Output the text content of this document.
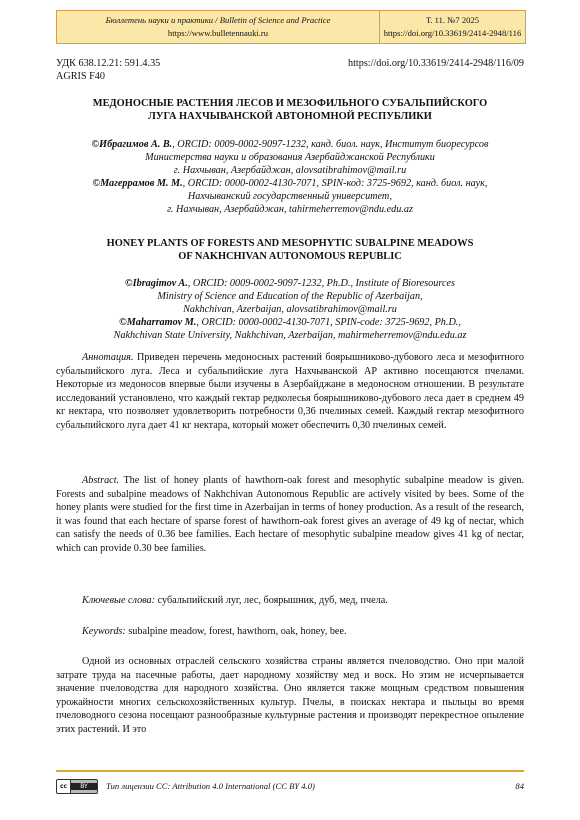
Бюллетень науки и практики / Bulletin of Science and Practice
https://www.bulletennauki.ru
Т. 11. №7 2025
https://doi.org/10.33619/2414-2948/116
УДК 638.12.21: 591.4.35
AGRIS F40
https://doi.org/10.33619/2414-2948/116/09
МЕДОНОСНЫЕ РАСТЕНИЯ ЛЕСОВ И МЕЗОФИЛЬНОГО СУБАЛЬПИЙСКОГО
ЛУГА НАХЧЫВАНСКОЙ АВТОНОМНОЙ РЕСПУБЛИКИ
©Ибрагимов А. В., ORCID: 0009-0002-9097-1232, канд. биол. наук, Институт биоресурсов
Министерства науки и образования Азербайджанской Республики
г. Нахчыван, Азербайджан, alovsatibrahimov@mail.ru
©Магеррамов М. М., ORCID: 0000-0002-4130-7071, SPIN-код: 3725-9692, канд. биол. наук,
Нахчыванский государственный университет,
г. Нахчыван, Азербайджан, tahirmeherremov@ndu.edu.az
HONEY PLANTS OF FORESTS AND MESOPHYTIC SUBALPINE MEADOWS
OF NAKHCHIVAN AUTONOMOUS REPUBLIC
©Ibragimov A., ORCID: 0009-0002-9097-1232, Ph.D., Institute of Bioresources
Ministry of Science and Education of the Republic of Azerbaijan,
Nakhchivan, Azerbaijan, alovsatibrahimov@mail.ru
©Maharramov M., ORCID: 0000-0002-4130-7071, SPIN-code: 3725-9692, Ph.D.,
Nakhchivan State University, Nakhchivan, Azerbaijan, mahirmeherremov@ndu.edu.az
Аннотация. Приведен перечень медоносных растений боярышниково-дубового леса и мезофитного субальпийского луга. Леса и субальпийские луга Нахчыванской АР активно посещаются пчелами. Некоторые из медоносов впервые были изучены в Азербайджане в медоносном отношении. В результате исследований установлено, что каждый гектар редколесья боярышниково-дубового леса дает в среднем 49 кг нектара, что позволяет удовлетворить потребности 0,36 пчелиных семей. Каждый гектар мезофитного субальпийского луга дает 41 кг нектара, который может обеспечить 0,30 пчелиных семей.
Abstract. The list of honey plants of hawthorn-oak forest and mesophytic subalpine meadow is given. Forests and subalpine meadows of Nakhchivan Autonomous Republic are actively visited by bees. Some of the honey plants were studied for the first time in Azerbaijan in terms of honey production. As a result of the research, it was found that each hectare of sparse forest of hawthorn-oak forest gives an average of 49 kg of nectar, which can satisfy the needs of 0.36 bee families. Each hectare of mesophytic subalpine meadow gives 41 kg of nectar, which can provide 0.30 bee families.
Ключевые слова: субальпийский луг, лес, боярышник, дуб, мед, пчела.
Keywords: subalpine meadow, forest, hawthorn, oak, honey, bee.
Одной из основных отраслей сельского хозяйства страны является пчеловодство. Оно при малой затрате труда на пасечные работы, дает народному хозяйству мед и воск. Но этим не исчерпывается значение пчеловодства для народного хозяйства. Оно является также мощным средством повышения урожайности многих сельскохозяйственных культур. Пчелы, в поисках нектара и пыльцы во время пчеловодного сезона посещают разнообразные культурные растения и производят перекрестное опыление этих растений. И это
cc	BY	Тип лицензии CC: Attribution 4.0 International (CC BY 4.0)	84
